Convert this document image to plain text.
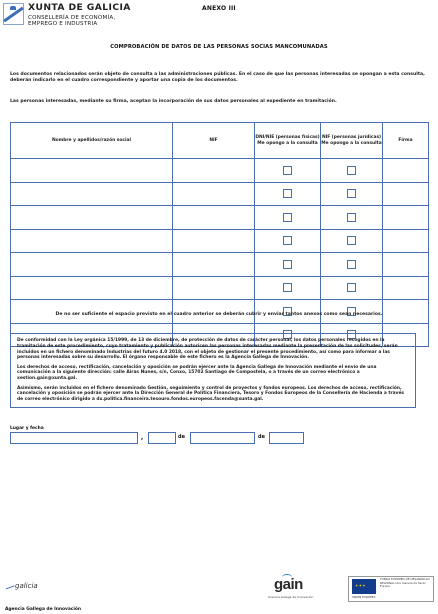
XUNTA DE GALICIA
CONSELLERÍA DE ECONOMÍA,
EMPREGO E INDUSTRIA
ANEXO III
COMPROBACIÓN DE DATOS DE LAS PERSONAS SOCIAS MANCOMUNADAS
Los documentos relacionados serán objeto de consulta a las administraciones públicas. En el caso de que las personas interesadas se opongan a esta consulta, deberán indicarlo en el cuadro correspondiente y aportar una copia de los documentos.
Las personas interesadas, mediante su firma, aceptan la incorporación de sus datos personales al expediente en tramitación.
Nombre y apellidos/razón social	NIF	DNI/NIE (personas físicas) Me opongo a la consulta	NIF (personas jurídicas) Me opongo a la consulta	Firma

De no ser suficiente el espacio previsto en el cuadro anterior se deberán cubrir y enviar tantos anexos como sean necesarios.

De conformidad con la Ley orgánica 15/1999, de 13 de diciembre, de protección de datos de carácter personal, los datos personales recogidos en la tramitación de este procedimiento, cuyo tratamiento y publicación autoricen las personas interesadas mediante la presentación de las solicitudes, serán incluidos en un fichero denominado Industrias del futuro 4.0 2018, con el objeto de gestionar el presente procedimiento, así como para informar a las personas interesadas sobre su desarrollo. El órgano responsable de este fichero es la Agencia Gallega de Innovación.

Los derechos de acceso, rectificación, cancelación y oposición se podrán ejercer ante la Agencia Gallega de Innovación mediante el envío de una comunicación a la siguiente dirección: calle Airas Nunes, s/n, Conxo, 15702 Santiago de Compostela, o a través de un correo electrónico a xestion.gain@xunta.gal.

Asimismo, serán incluidos en el fichero denominado Gestión, seguimiento y control de proyectos y fondos europeos. Los derechos de acceso, rectificación, cancelación y oposición se podrán ejercer ante la Dirección General de Política Financiera, Tesoro y Fondos Europeos de la Consellería de Hacienda a través de correo electrónico dirigido a dx.politica.financeira.tesouro.fondos.europeos.facenda@xunta.gal.

Lugar y fecha
,	de	de
galicia	gain
Axencia Galega de Innovación
✦ ✦ ✦
FONDO EUROPEO DE DESARROLLO REGIONAL Una manera de hacer Europa
UNIÓN EUROPEA
Agencia Gallega de Innovación
